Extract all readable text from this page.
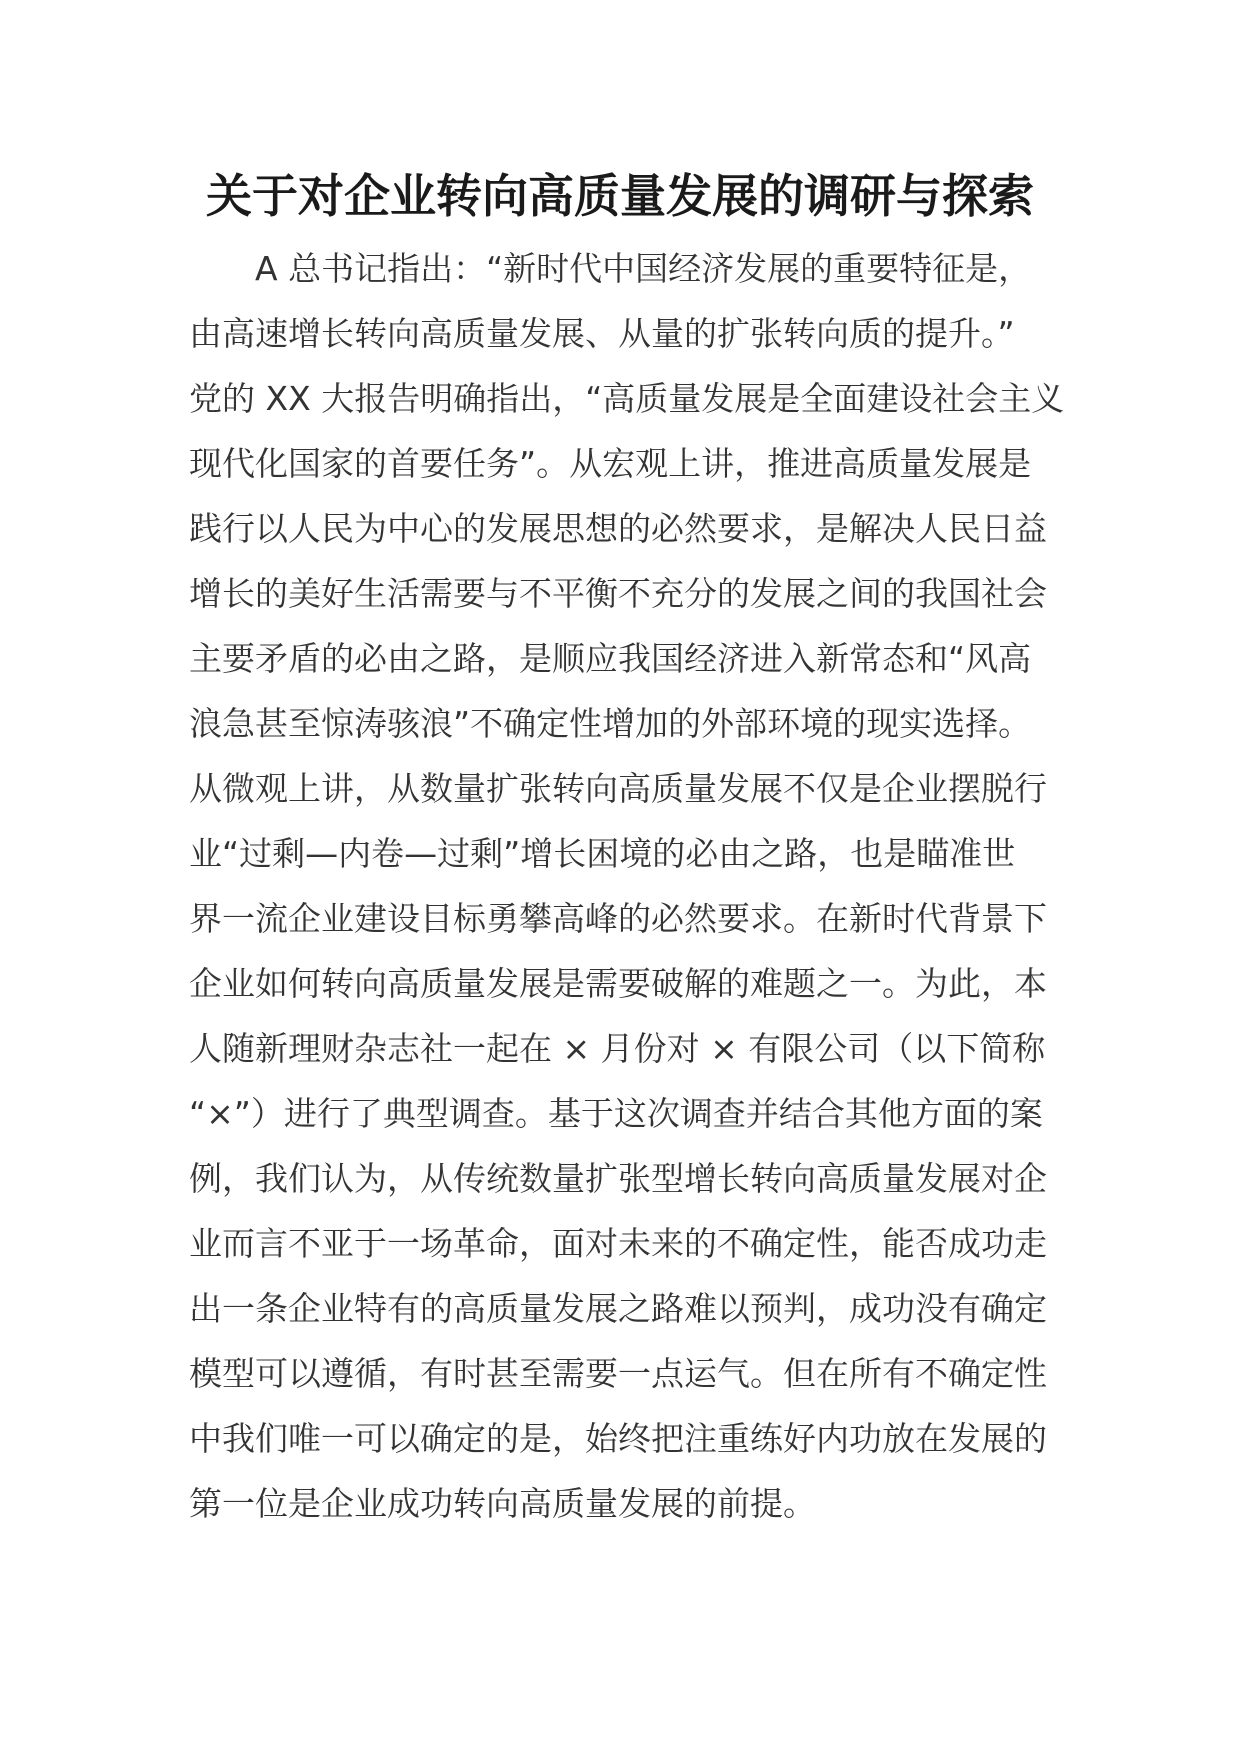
关于对企业转向高质量发展的调研与探索
A 总书记指出：“新时代中国经济发展的重要特征是，
由高速增长转向高质量发展、从量的扩张转向质的提升。”
党的 XX 大报告明确指出，“高质量发展是全面建设社会主义
现代化国家的首要任务”。从宏观上讲，推进高质量发展是
践行以人民为中心的发展思想的必然要求，是解决人民日益
增长的美好生活需要与不平衡不充分的发展之间的我国社会
主要矛盾的必由之路，是顺应我国经济进入新常态和“风高
浪急甚至惊涛骇浪”不确定性增加的外部环境的现实选择。
从微观上讲，从数量扩张转向高质量发展不仅是企业摆脱行
业“过剩—内卷—过剩”增长困境的必由之路，也是瞄准世
界一流企业建设目标勇攀高峰的必然要求。在新时代背景下
企业如何转向高质量发展是需要破解的难题之一。为此，本
人随新理财杂志社一起在 × 月份对 × 有限公司（以下简称
“×”）进行了典型调查。基于这次调查并结合其他方面的案
例，我们认为，从传统数量扩张型增长转向高质量发展对企
业而言不亚于一场革命，面对未来的不确定性，能否成功走
出一条企业特有的高质量发展之路难以预判，成功没有确定
模型可以遵循，有时甚至需要一点运气。但在所有不确定性
中我们唯一可以确定的是，始终把注重练好内功放在发展的
第一位是企业成功转向高质量发展的前提。
